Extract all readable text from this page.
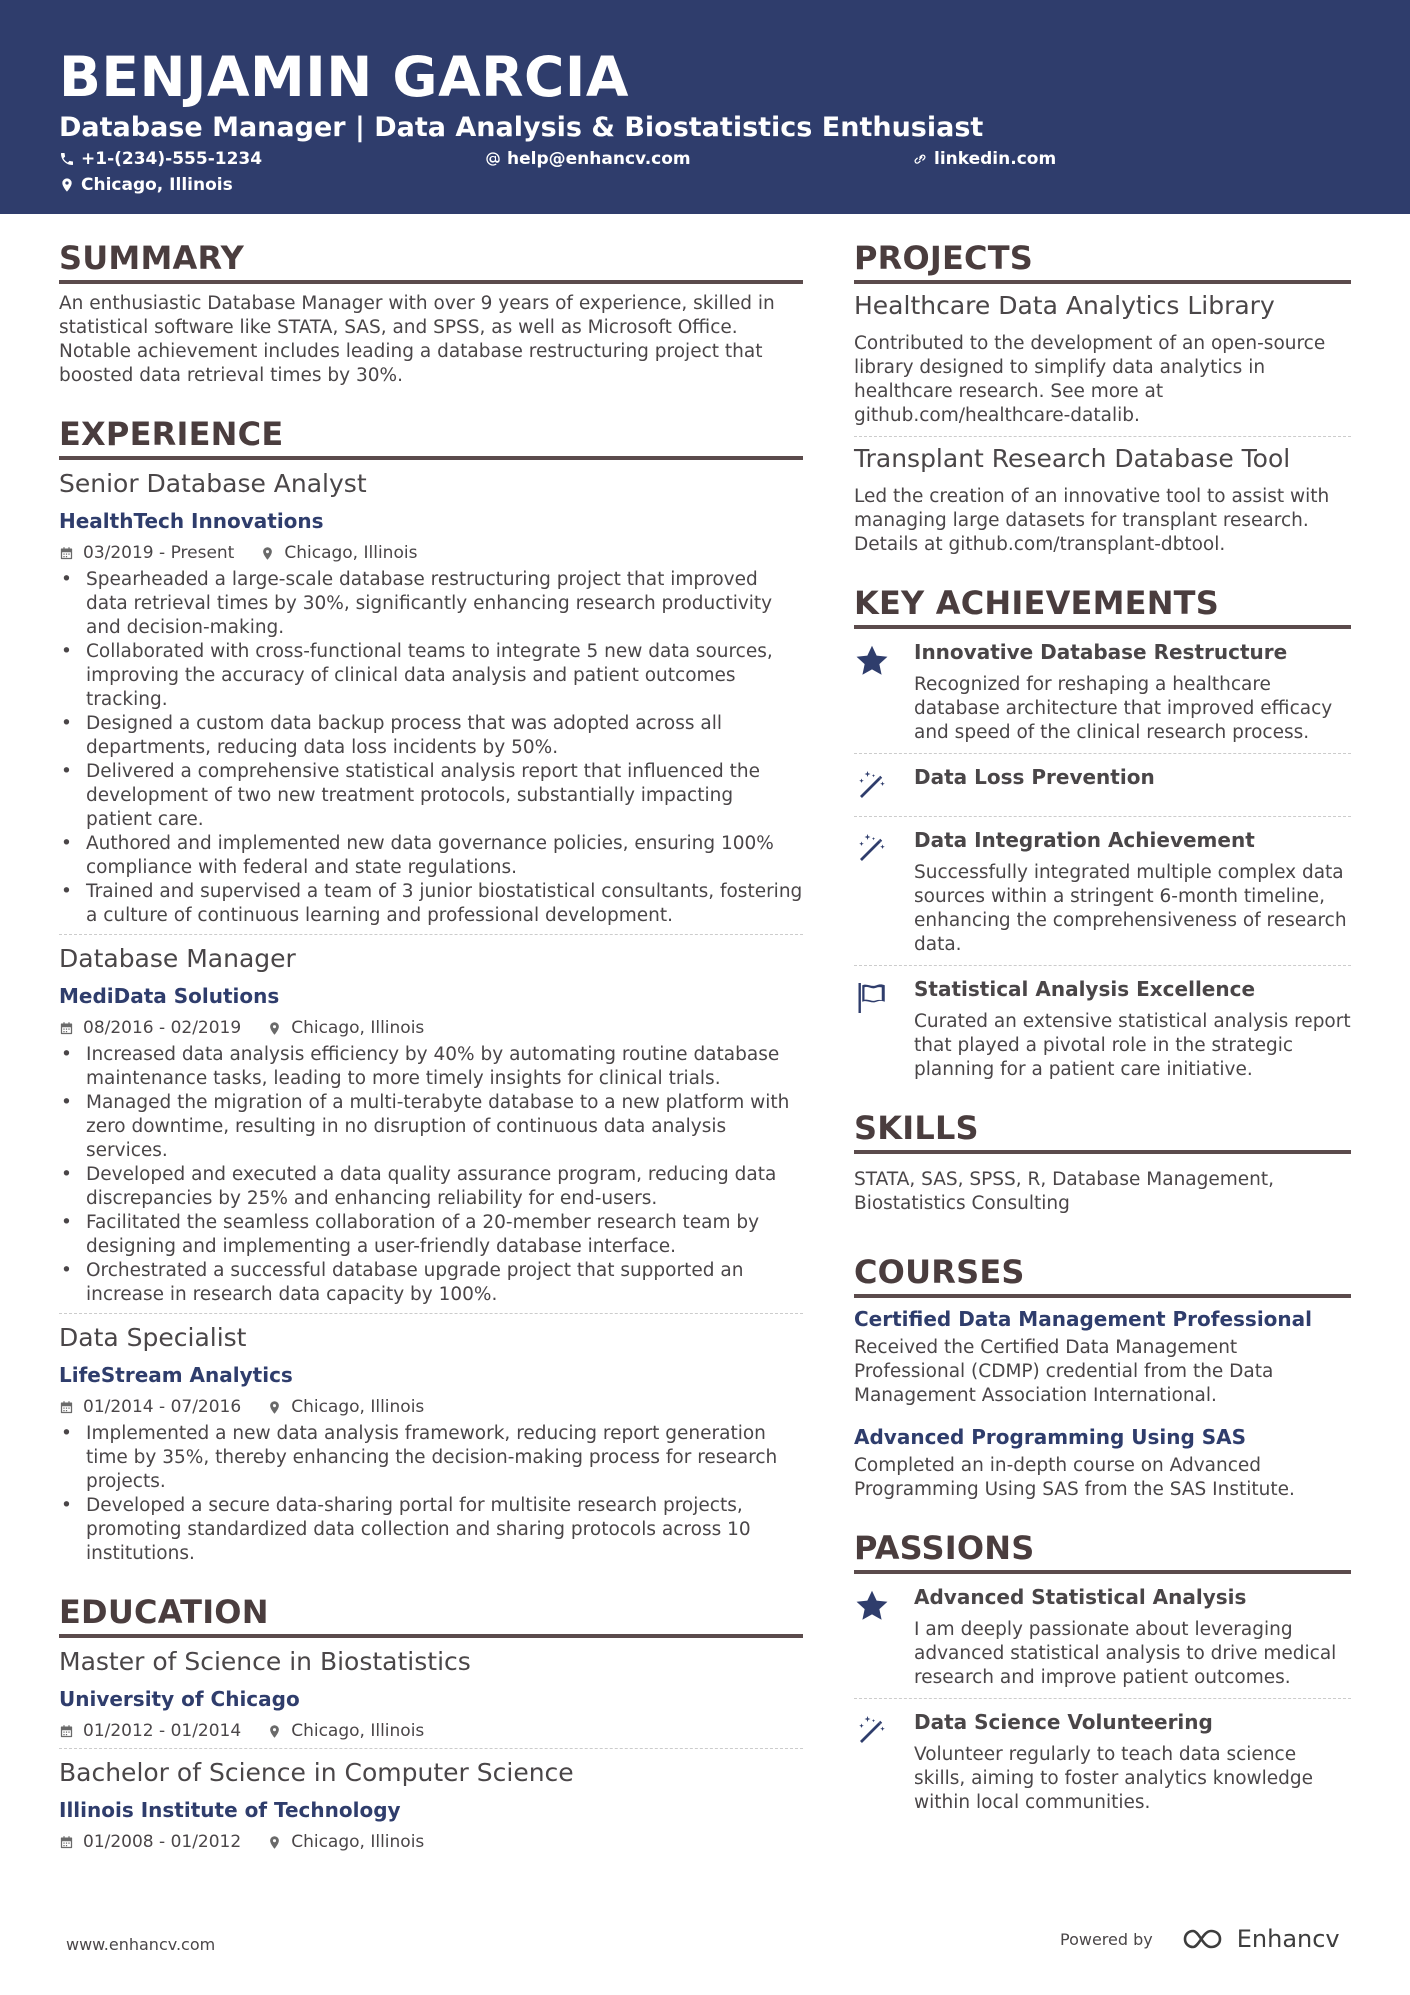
BENJAMIN GARCIA
Database Manager | Data Analysis & Biostatistics Enthusiast
+1-(234)-555-1234	help@enhancv.com	linkedin.com
Chicago, Illinois
SUMMARY
An enthusiastic Database Manager with over 9 years of experience, skilled in statistical software like STATA, SAS, and SPSS, as well as Microsoft Office. Notable achievement includes leading a database restructuring project that boosted data retrieval times by 30%.
EXPERIENCE
Senior Database Analyst
HealthTech Innovations
03/2019 - Present	Chicago, Illinois
• Spearheaded a large-scale database restructuring project that improved data retrieval times by 30%, significantly enhancing research productivity and decision-making.
• Collaborated with cross-functional teams to integrate 5 new data sources, improving the accuracy of clinical data analysis and patient outcomes tracking.
• Designed a custom data backup process that was adopted across all departments, reducing data loss incidents by 50%.
• Delivered a comprehensive statistical analysis report that influenced the development of two new treatment protocols, substantially impacting patient care.
• Authored and implemented new data governance policies, ensuring 100% compliance with federal and state regulations.
• Trained and supervised a team of 3 junior biostatistical consultants, fostering a culture of continuous learning and professional development.
Database Manager
MediData Solutions
08/2016 - 02/2019	Chicago, Illinois
• Increased data analysis efficiency by 40% by automating routine database maintenance tasks, leading to more timely insights for clinical trials.
• Managed the migration of a multi-terabyte database to a new platform with zero downtime, resulting in no disruption of continuous data analysis services.
• Developed and executed a data quality assurance program, reducing data discrepancies by 25% and enhancing reliability for end-users.
• Facilitated the seamless collaboration of a 20-member research team by designing and implementing a user-friendly database interface.
• Orchestrated a successful database upgrade project that supported an increase in research data capacity by 100%.
Data Specialist
LifeStream Analytics
01/2014 - 07/2016	Chicago, Illinois
• Implemented a new data analysis framework, reducing report generation time by 35%, thereby enhancing the decision-making process for research projects.
• Developed a secure data-sharing portal for multisite research projects, promoting standardized data collection and sharing protocols across 10 institutions.
EDUCATION
Master of Science in Biostatistics
University of Chicago
01/2012 - 01/2014	Chicago, Illinois
Bachelor of Science in Computer Science
Illinois Institute of Technology
01/2008 - 01/2012	Chicago, Illinois
PROJECTS
Healthcare Data Analytics Library
Contributed to the development of an open-source library designed to simplify data analytics in healthcare research. See more at github.com/healthcare-datalib.
Transplant Research Database Tool
Led the creation of an innovative tool to assist with managing large datasets for transplant research. Details at github.com/transplant-dbtool.
KEY ACHIEVEMENTS
Innovative Database Restructure
Recognized for reshaping a healthcare database architecture that improved efficacy and speed of the clinical research process.
Data Loss Prevention
Data Integration Achievement
Successfully integrated multiple complex data sources within a stringent 6-month timeline, enhancing the comprehensiveness of research data.
Statistical Analysis Excellence
Curated an extensive statistical analysis report that played a pivotal role in the strategic planning for a patient care initiative.
SKILLS
STATA, SAS, SPSS, R, Database Management, Biostatistics Consulting
COURSES
Certified Data Management Professional
Received the Certified Data Management Professional (CDMP) credential from the Data Management Association International.
Advanced Programming Using SAS
Completed an in-depth course on Advanced Programming Using SAS from the SAS Institute.
PASSIONS
Advanced Statistical Analysis
I am deeply passionate about leveraging advanced statistical analysis to drive medical research and improve patient outcomes.
Data Science Volunteering
Volunteer regularly to teach data science skills, aiming to foster analytics knowledge within local communities.
www.enhancv.com	Powered by	Enhancv
